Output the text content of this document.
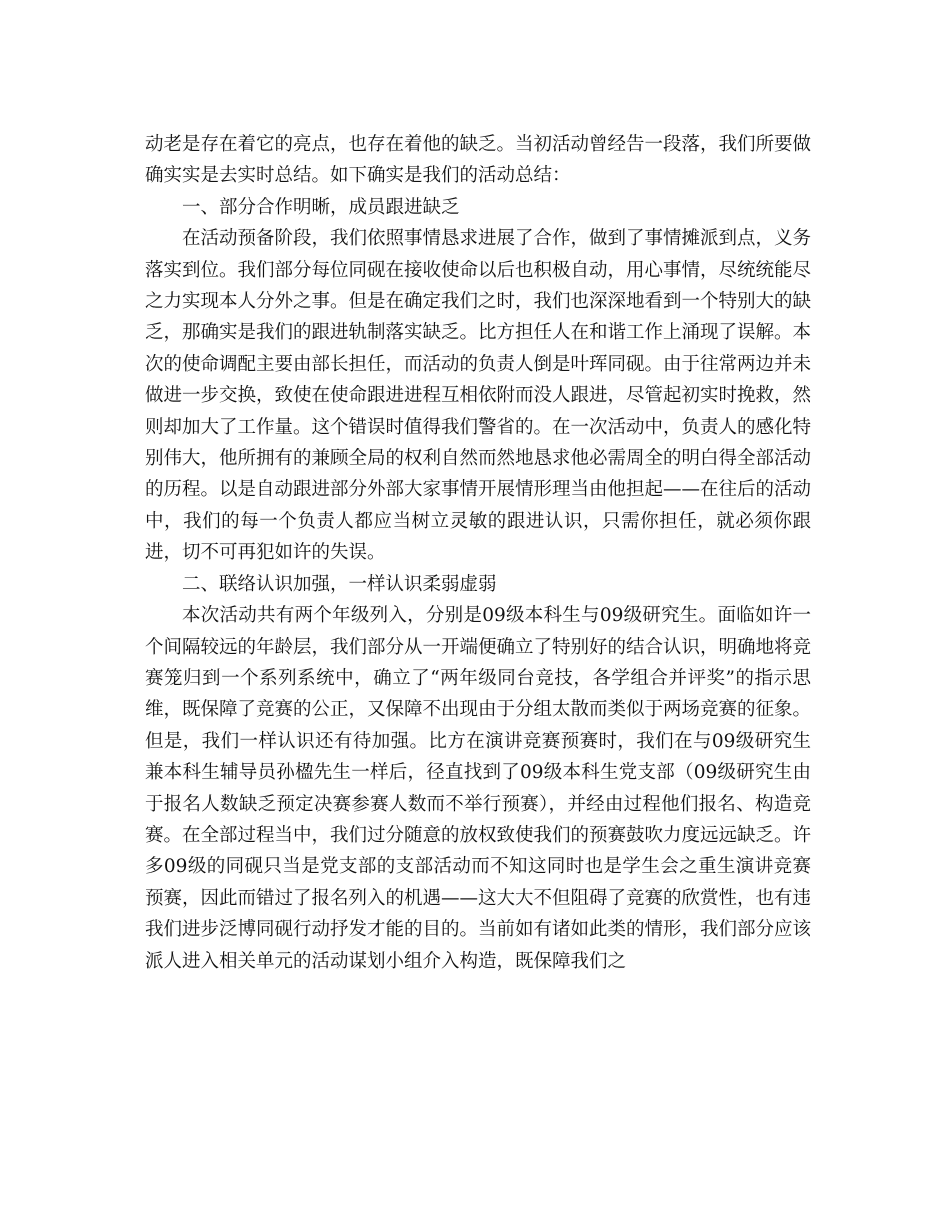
动老是存在着它的亮点，也存在着他的缺乏。当初活动曾经告一段落，我们所要做确实实是去实时总结。如下确实是我们的活动总结：

一、部分合作明晰，成员跟进缺乏

在活动预备阶段，我们依照事情恳求进展了合作，做到了事情摊派到点，义务落实到位。我们部分每位同砚在接收使命以后也积极自动，用心事情，尽统统能尽之力实现本人分外之事。但是在确定我们之时，我们也深深地看到一个特别大的缺乏，那确实是我们的跟进轨制落实缺乏。比方担任人在和谐工作上涌现了误解。本次的使命调配主要由部长担任，而活动的负责人倒是叶珲同砚。由于往常两边并未做进一步交换，致使在使命跟进进程互相依附而没人跟进，尽管起初实时挽救，然则却加大了工作量。这个错误时值得我们警省的。在一次活动中，负责人的感化特别伟大，他所拥有的兼顾全局的权利自然而然地恳求他必需周全的明白得全部活动的历程。以是自动跟进部分外部大家事情开展情形理当由他担起——在往后的活动中，我们的每一个负责人都应当树立灵敏的跟进认识，只需你担任，就必须你跟进，切不可再犯如许的失误。

二、联络认识加强，一样认识柔弱虚弱

本次活动共有两个年级列入，分别是09级本科生与09级研究生。面临如许一个间隔较远的年龄层，我们部分从一开端便确立了特别好的结合认识，明确地将竞赛笼归到一个系列系统中，确立了“两年级同台竞技，各学组合并评奖”的指示思维，既保障了竞赛的公正，又保障不出现由于分组太散而类似于两场竞赛的征象。但是，我们一样认识还有待加强。比方在演讲竞赛预赛时，我们在与09级研究生兼本科生辅导员孙楹先生一样后，径直找到了09级本科生党支部（09级研究生由于报名人数缺乏预定决赛参赛人数而不举行预赛），并经由过程他们报名、构造竞赛。在全部过程当中，我们过分随意的放权致使我们的预赛鼓吹力度远远缺乏。许多09级的同砚只当是党支部的支部活动而不知这同时也是学生会之重生演讲竞赛预赛，因此而错过了报名列入的机遇——这大大不但阻碍了竞赛的欣赏性，也有违我们进步泛博同砚行动抒发才能的目的。当前如有诸如此类的情形，我们部分应该派人进入相关单元的活动谋划小组介入构造，既保障我们之
